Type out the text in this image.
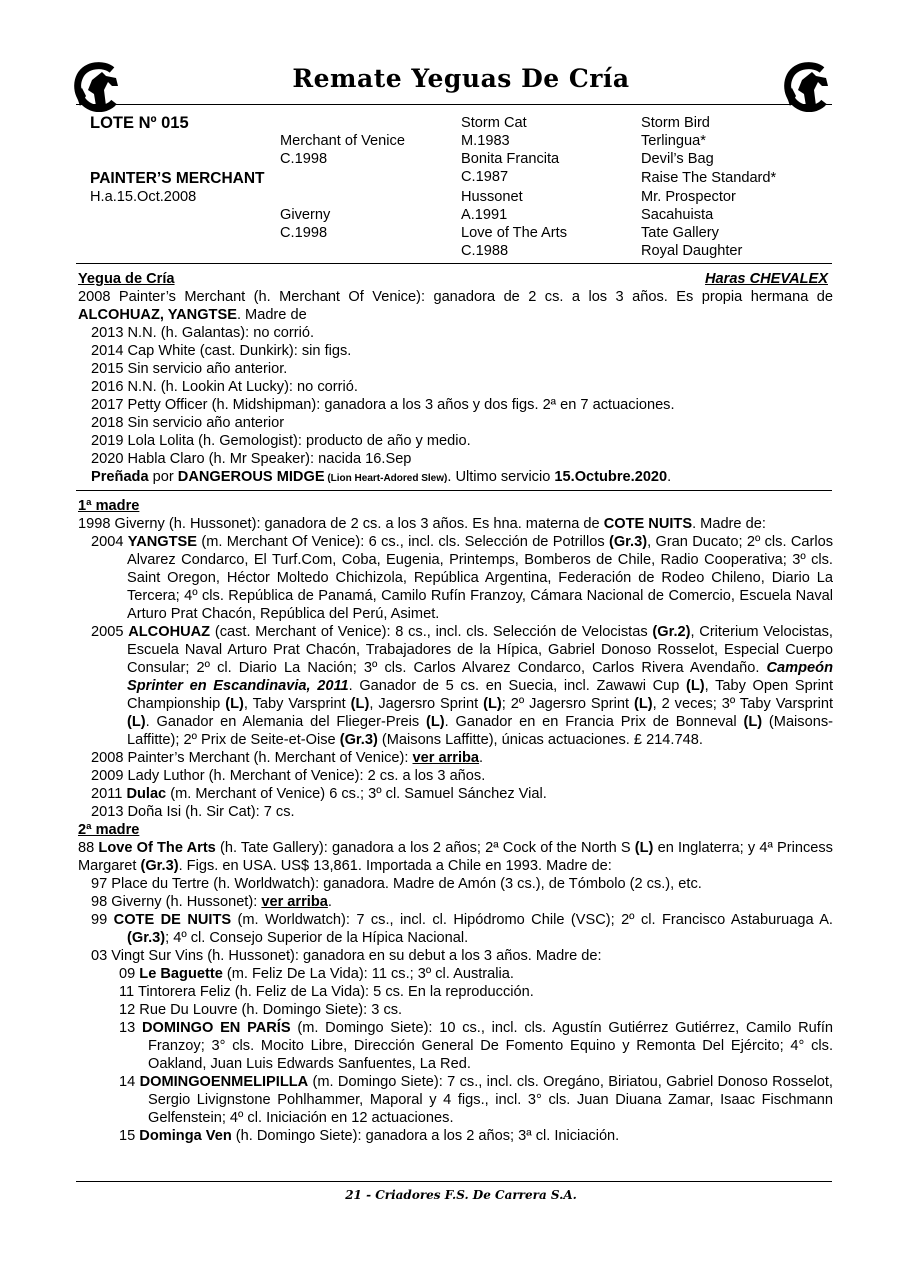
Remate Yeguas De Cría
LOTE Nº 015
PAINTER’S MERCHANT
H.a.15.Oct.2008
Merchant of Venice
C.1998
Giverny
C.1998
Storm Cat
M.1983
Bonita Francita
C.1987
Hussonet
A.1991
Love of The Arts
C.1988
Storm Bird
Terlingua*
Devil’s Bag
Raise The Standard*
Mr. Prospector
Sacahuista
Tate Gallery
Royal Daughter
Yegua de Cría	Haras CHEVALEX

2008 Painter’s Merchant (h. Merchant Of Venice): ganadora de 2 cs. a los 3 años. Es propia hermana de ALCOHUAZ, YANGTSE. Madre de

2013 N.N. (h. Galantas): no corrió.

2014 Cap White (cast. Dunkirk): sin figs.

2015 Sin servicio año anterior.

2016 N.N. (h. Lookin At Lucky): no corrió.

2017 Petty Officer (h. Midshipman): ganadora a los 3 años y dos figs. 2ª en 7 actuaciones.

2018 Sin servicio año anterior

2019 Lola Lolita (h. Gemologist): producto de año y medio.

2020 Habla Claro (h. Mr Speaker): nacida 16.Sep

Preñada por DANGEROUS MIDGE (Lion Heart-Adored Slew). Ultimo servicio 15.Octubre.2020.

1ª madre

1998 Giverny (h. Hussonet): ganadora de 2 cs. a los 3 años. Es hna. materna de COTE NUITS. Madre de:

2004 YANGTSE (m. Merchant Of Venice): 6 cs., incl. cls. Selección de Potrillos (Gr.3), Gran Ducato; 2º cls. Carlos Alvarez Condarco, El Turf.Com, Coba, Eugenia, Printemps, Bomberos de Chile, Radio Cooperativa; 3º cls. Saint Oregon, Héctor Moltedo Chichizola, República Argentina, Federación de Rodeo Chileno, Diario La Tercera; 4º cls. República de Panamá, Camilo Rufín Franzoy, Cámara Nacional de Comercio, Escuela Naval Arturo Prat Chacón, República del Perú, Asimet.

2005 ALCOHUAZ (cast. Merchant of Venice): 8 cs., incl. cls. Selección de Velocistas (Gr.2), Criterium Velocistas, Escuela Naval Arturo Prat Chacón, Trabajadores de la Hípica, Gabriel Donoso Rosselot, Especial Cuerpo Consular; 2º cl. Diario La Nación; 3º cls. Carlos Alvarez Condarco, Carlos Rivera Avendaño. Campeón Sprinter en Escandinavia, 2011. Ganador de 5 cs. en Suecia, incl. Zawawi Cup (L), Taby Open Sprint Championship (L), Taby Varsprint (L), Jagersro Sprint (L); 2º Jagersro Sprint (L), 2 veces; 3º Taby Varsprint (L). Ganador en Alemania del Flieger-Preis (L). Ganador en en Francia Prix de Bonneval (L) (Maisons-Laffitte); 2º Prix de Seite-et-Oise (Gr.3) (Maisons Laffitte), únicas actuaciones. £ 214.748.

2008 Painter’s Merchant (h. Merchant of Venice): ver arriba.

2009 Lady Luthor (h. Merchant of Venice): 2 cs. a los 3 años.

2011 Dulac (m. Merchant of Venice) 6 cs.; 3º cl. Samuel Sánchez Vial.

2013 Doña Isi (h. Sir Cat): 7 cs.

2ª madre

88 Love Of The Arts (h. Tate Gallery): ganadora a los 2 años; 2ª Cock of the North S (L) en Inglaterra; y 4ª Princess Margaret (Gr.3). Figs. en USA. US$ 13,861. Importada a Chile en 1993. Madre de:

97 Place du Tertre (h. Worldwatch): ganadora. Madre de Amón (3 cs.), de Tómbolo (2 cs.), etc.

98 Giverny (h. Hussonet): ver arriba.

99 COTE DE NUITS (m. Worldwatch): 7 cs., incl. cl. Hipódromo Chile (VSC); 2º cl. Francisco Astaburuaga A. (Gr.3); 4º cl. Consejo Superior de la Hípica Nacional.

03 Vingt Sur Vins (h. Hussonet): ganadora en su debut a los 3 años. Madre de:

09 Le Baguette (m. Feliz De La Vida): 11 cs.; 3º cl. Australia.

11 Tintorera Feliz (h. Feliz de La Vida): 5 cs. En la reproducción.

12 Rue Du Louvre (h. Domingo Siete): 3 cs.

13 DOMINGO EN PARÍS (m. Domingo Siete): 10 cs., incl. cls. Agustín Gutiérrez Gutiérrez, Camilo Rufín Franzoy; 3° cls. Mocito Libre, Dirección General De Fomento Equino y Remonta Del Ejército; 4° cls. Oakland, Juan Luis Edwards Sanfuentes, La Red.

14 DOMINGOENMELIPILLA (m. Domingo Siete): 7 cs., incl. cls. Oregáno, Biriatou, Gabriel Donoso Rosselot, Sergio Livignstone Pohlhammer, Maporal y 4 figs., incl. 3° cls. Juan Diuana Zamar, Isaac Fischmann Gelfenstein; 4º cl. Iniciación en 12 actuaciones.

15 Dominga Ven (h. Domingo Siete): ganadora a los 2 años; 3ª cl. Iniciación.

21 - Criadores F.S. De Carrera S.A.
